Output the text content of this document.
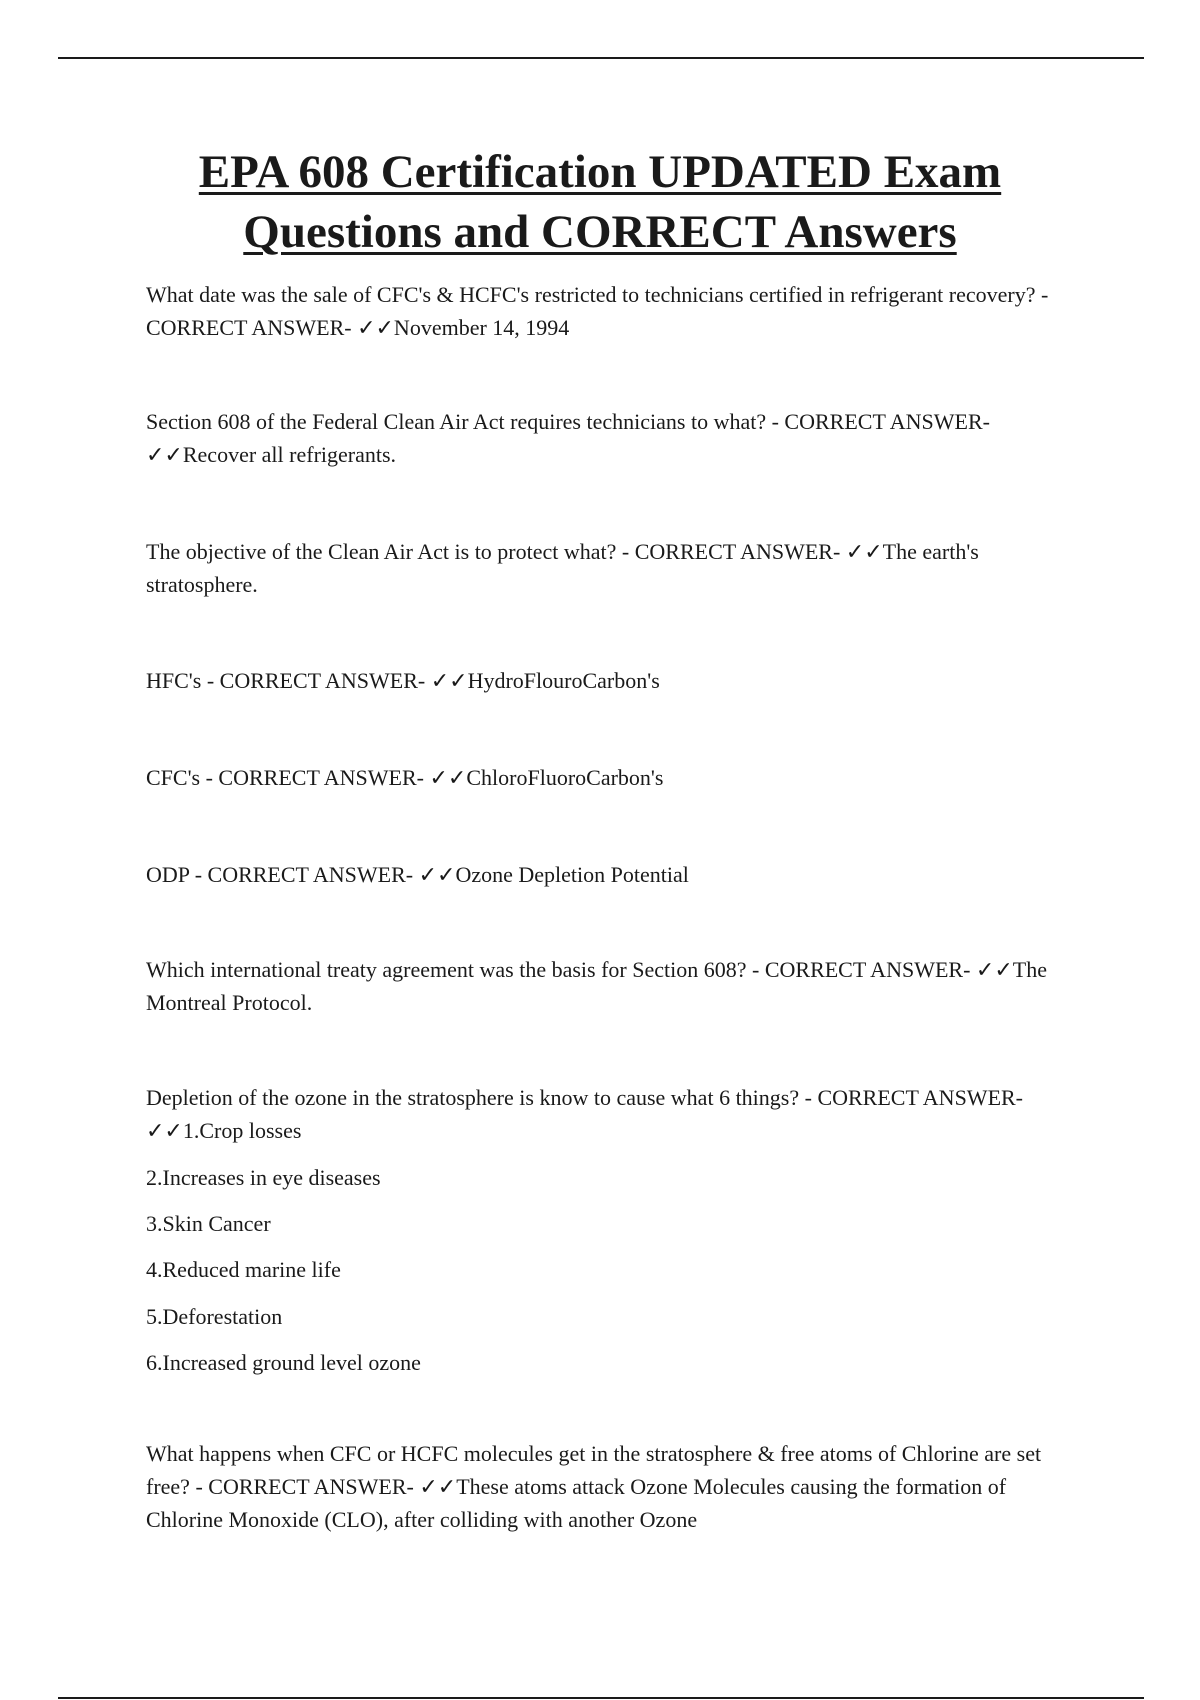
EPA 608 Certification UPDATED Exam
Questions and CORRECT Answers

What date was the sale of CFC's & HCFC's restricted to technicians certified in refrigerant recovery? - CORRECT ANSWER- ✓✓November 14, 1994

Section 608 of the Federal Clean Air Act requires technicians to what? - CORRECT ANSWER- ✓✓Recover all refrigerants.

The objective of the Clean Air Act is to protect what? - CORRECT ANSWER- ✓✓The earth's stratosphere.

HFC's - CORRECT ANSWER- ✓✓HydroFlouroCarbon's

CFC's - CORRECT ANSWER- ✓✓ChloroFluoroCarbon's

ODP - CORRECT ANSWER- ✓✓Ozone Depletion Potential

Which international treaty agreement was the basis for Section 608? - CORRECT ANSWER- ✓✓The Montreal Protocol.

Depletion of the ozone in the stratosphere is know to cause what 6 things? - CORRECT ANSWER- ✓✓1.Crop losses

2.Increases in eye diseases

3.Skin Cancer

4.Reduced marine life

5.Deforestation

6.Increased ground level ozone

What happens when CFC or HCFC molecules get in the stratosphere & free atoms of Chlorine are set free? - CORRECT ANSWER- ✓✓These atoms attack Ozone Molecules causing the formation of Chlorine Monoxide (CLO), after colliding with another Ozone
